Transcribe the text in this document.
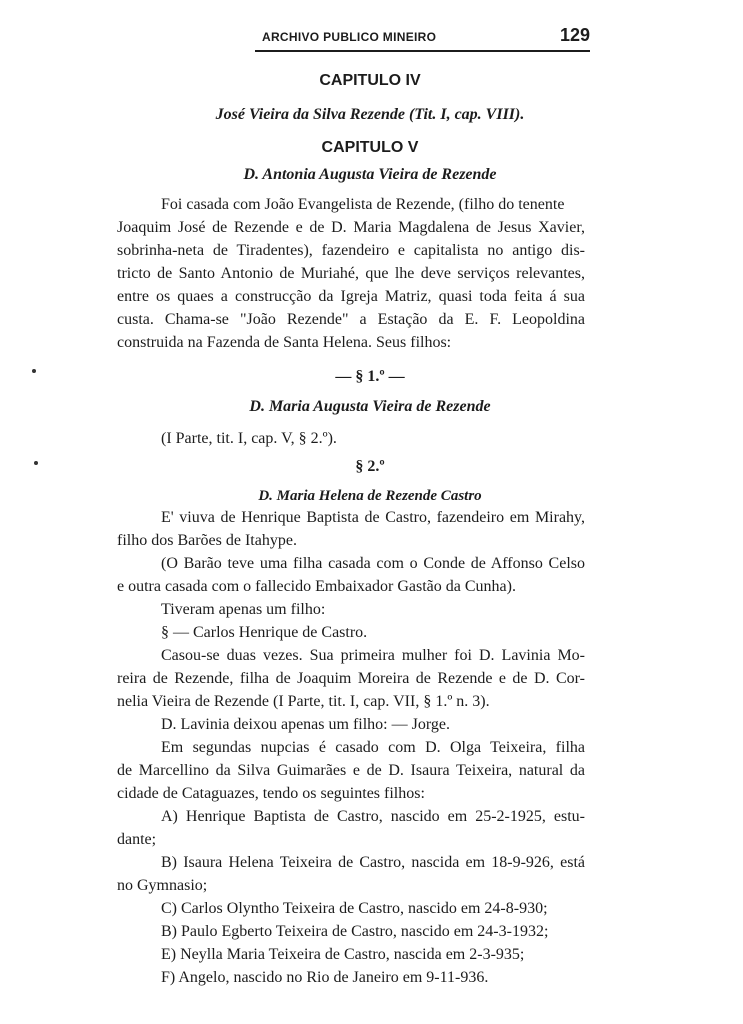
ARCHIVO PUBLICO MINEIRO	129
CAPITULO IV
José Vieira da Silva Rezende (Tit. I, cap. VIII).
CAPITULO V
D. Antonia Augusta Vieira de Rezende
Foi casada com João Evangelista de Rezende, (filho do tenente
Joaquim José de Rezende e de D. Maria Magdalena de Jesus Xavier,
sobrinha-neta de Tiradentes), fazendeiro e capitalista no antigo dis-
tricto de Santo Antonio de Muriahé, que lhe deve serviços relevantes,
entre os quaes a construcção da Igreja Matriz, quasi toda feita á sua
custa. Chama-se "João Rezende" a Estação da E. F. Leopoldina
construida na Fazenda de Santa Helena. Seus filhos:
— § 1.º —
D. Maria Augusta Vieira de Rezende
(I Parte, tit. I, cap. V, § 2.º).
§ 2.º
D. Maria Helena de Rezende Castro
E' viuva de Henrique Baptista de Castro, fazendeiro em Mirahy,
filho dos Barões de Itahype.
(O Barão teve uma filha casada com o Conde de Affonso Celso
e outra casada com o fallecido Embaixador Gastão da Cunha).
Tiveram apenas um filho:
§ — Carlos Henrique de Castro.
Casou-se duas vezes. Sua primeira mulher foi D. Lavinia Mo-
reira de Rezende, filha de Joaquim Moreira de Rezende e de D. Cor-
nelia Vieira de Rezende (I Parte, tit. I, cap. VII, § 1.º n. 3).
D. Lavinia deixou apenas um filho: — Jorge.
Em segundas nupcias é casado com D. Olga Teixeira, filha
de Marcellino da Silva Guimarães e de D. Isaura Teixeira, natural da
cidade de Cataguazes, tendo os seguintes filhos:
A) Henrique Baptista de Castro, nascido em 25-2-1925, estu-
dante;
B) Isaura Helena Teixeira de Castro, nascida em 18-9-926, está
no Gymnasio;
C) Carlos Olyntho Teixeira de Castro, nascido em 24-8-930;
B) Paulo Egberto Teixeira de Castro, nascido em 24-3-1932;
E) Neylla Maria Teixeira de Castro, nascida em 2-3-935;
F) Angelo, nascido no Rio de Janeiro em 9-11-936.
